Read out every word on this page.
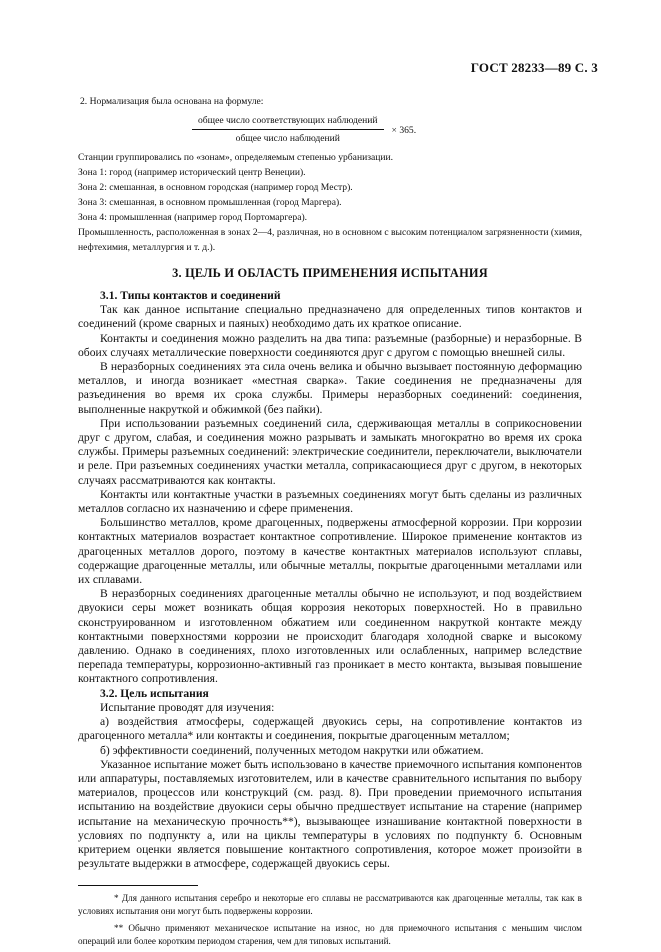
ГОСТ 28233—89 С. 3
2. Нормализация была основана на формуле:
$\frac{\text{общее число соответствующих наблюдений}}{\text{общее число наблюдений}} \times 365$.
Станции группировались по «зонам», определяемым степенью урбанизации.
Зона 1: город (например исторический центр Венеции).
Зона 2: смешанная, в основном городская (например город Местр).
Зона 3: смешанная, в основном промышленная (город Маргера).
Зона 4: промышленная (например город Портомаргера).
Промышленность, расположенная в зонах 2—4, различная, но в основном с высоким потенциалом загрязненности (химия, нефтехимия, металлургия и т. д.).
3. ЦЕЛЬ И ОБЛАСТЬ ПРИМЕНЕНИЯ ИСПЫТАНИЯ

3.1. Типы контактов и соединений

Так как данное испытание специально предназначено для определенных типов контактов и соединений (кроме сварных и паяных) необходимо дать их краткое описание.

Контакты и соединения можно разделить на два типа: разъемные (разборные) и неразборные. В обоих случаях металлические поверхности соединяются друг с другом с помощью внешней силы.

В неразборных соединениях эта сила очень велика и обычно вызывает постоянную деформацию металлов, и иногда возникает «местная сварка». Такие соединения не предназначены для разъединения во время их срока службы. Примеры неразборных соединений: соединения, выполненные накруткой и обжимкой (без пайки).

При использовании разъемных соединений сила, сдерживающая металлы в соприкосновении друг с другом, слабая, и соединения можно разрывать и замыкать многократно во время их срока службы. Примеры разъемных соединений: электрические соединители, переключатели, выключатели и реле. При разъемных соединениях участки металла, соприкасающиеся друг с другом, в некоторых случаях рассматриваются как контакты.

Контакты или контактные участки в разъемных соединениях могут быть сделаны из различных металлов согласно их назначению и сфере применения.

Большинство металлов, кроме драгоценных, подвержены атмосферной коррозии. При коррозии контактных материалов возрастает контактное сопротивление. Широкое применение контактов из драгоценных металлов дорого, поэтому в качестве контактных материалов используют сплавы, содержащие драгоценные металлы, или обычные металлы, покрытые драгоценными металлами или их сплавами.

В неразборных соединениях драгоценные металлы обычно не используют, и под воздействием двуокиси серы может возникать общая коррозия некоторых поверхностей. Но в правильно сконструированном и изготовленном обжатием или соединенном накруткой контакте между контактными поверхностями коррозии не происходит благодаря холодной сварке и высокому давлению. Однако в соединениях, плохо изготовленных или ослабленных, например вследствие перепада температуры, коррозионно-активный газ проникает в место контакта, вызывая повышение контактного сопротивления.

3.2. Цель испытания

Испытание проводят для изучения:

а) воздействия атмосферы, содержащей двуокись серы, на сопротивление контактов из драгоценного металла* или контакты и соединения, покрытые драгоценным металлом;

б) эффективности соединений, полученных методом накрутки или обжатием.

Указанное испытание может быть использовано в качестве приемочного испытания компонентов или аппаратуры, поставляемых изготовителем, или в качестве сравнительного испытания по выбору материалов, процессов или конструкций (см. разд. 8). При проведении приемочного испытания испытанию на воздействие двуокиси серы обычно предшествует испытание на старение (например испытание на механическую прочность**), вызывающее изнашивание контактной поверхности в условиях по подпункту а, или на циклы температуры в условиях по подпункту б. Основным критерием оценки является повышение контактного сопротивления, которое может произойти в результате выдержки в атмосфере, содержащей двуокись серы.

* Для данного испытания серебро и некоторые его сплавы не рассматриваются как драгоценные металлы, так как в условиях испытания они могут быть подвержены коррозии.

** Обычно применяют механическое испытание на износ, но для приемочного испытания с меньшим числом операций или более коротким периодом старения, чем для типовых испытаний.
